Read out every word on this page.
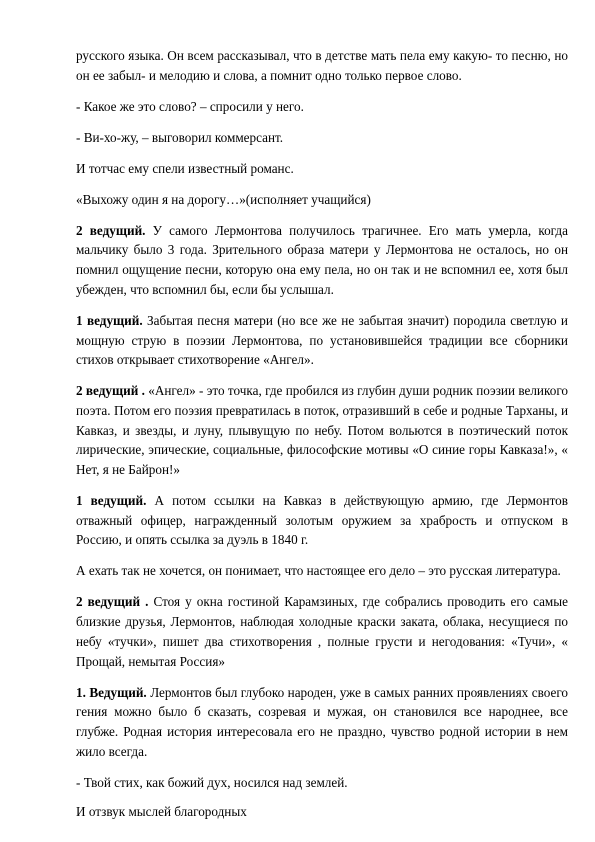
русского языка. Он всем рассказывал, что в детстве мать пела ему какую- то песню, но он ее забыл- и мелодию и слова, а помнит одно только первое слово.

- Какое же это слово? – спросили у него.

- Ви-хо-жу, – выговорил коммерсант.

И тотчас ему спели известный романс.

«Выхожу один я на дорогу…»(исполняет учащийся)

2 ведущий. У самого Лермонтова получилось трагичнее. Его мать умерла, когда мальчику было 3 года. Зрительного образа матери у Лермонтова не осталось, но он помнил ощущение песни, которую она ему пела, но он так и не вспомнил ее, хотя был убежден, что вспомнил бы, если бы услышал.

1 ведущий. Забытая песня матери (но все же не забытая значит) породила светлую и мощную струю в поэзии Лермонтова, по установившейся традиции все сборники стихов открывает стихотворение «Ангел».

2 ведущий . «Ангел» - это точка, где пробился из глубин души родник поэзии великого поэта. Потом его поэзия превратилась в поток, отразивший в себе и родные Тарханы, и Кавказ, и звезды, и луну, плывущую по небу. Потом вольются в поэтический поток лирические, эпические, социальные, философские мотивы «О синие горы Кавказа!», « Нет, я не Байрон!»

1 ведущий. А потом ссылки на Кавказ в действующую армию, где Лермонтов отважный офицер, награжденный золотым оружием за храбрость и отпуском в Россию, и опять ссылка за дуэль в 1840 г.

А ехать так не хочется, он понимает, что настоящее его дело – это русская литература.

2 ведущий . Стоя у окна гостиной Карамзиных, где собрались проводить его самые близкие друзья, Лермонтов, наблюдая холодные краски заката, облака, несущиеся по небу «тучки», пишет два стихотворения , полные грусти и негодования: «Тучи», « Прощай, немытая Россия»

1. Ведущий. Лермонтов был глубоко народен, уже в самых ранних проявлениях своего гения можно было б сказать, созревая и мужая, он становился все народнее, все глубже. Родная история интересовала его не праздно, чувство родной истории в нем жило всегда.

- Твой стих, как божий дух, носился над землей.

И отзвук мыслей благородных
